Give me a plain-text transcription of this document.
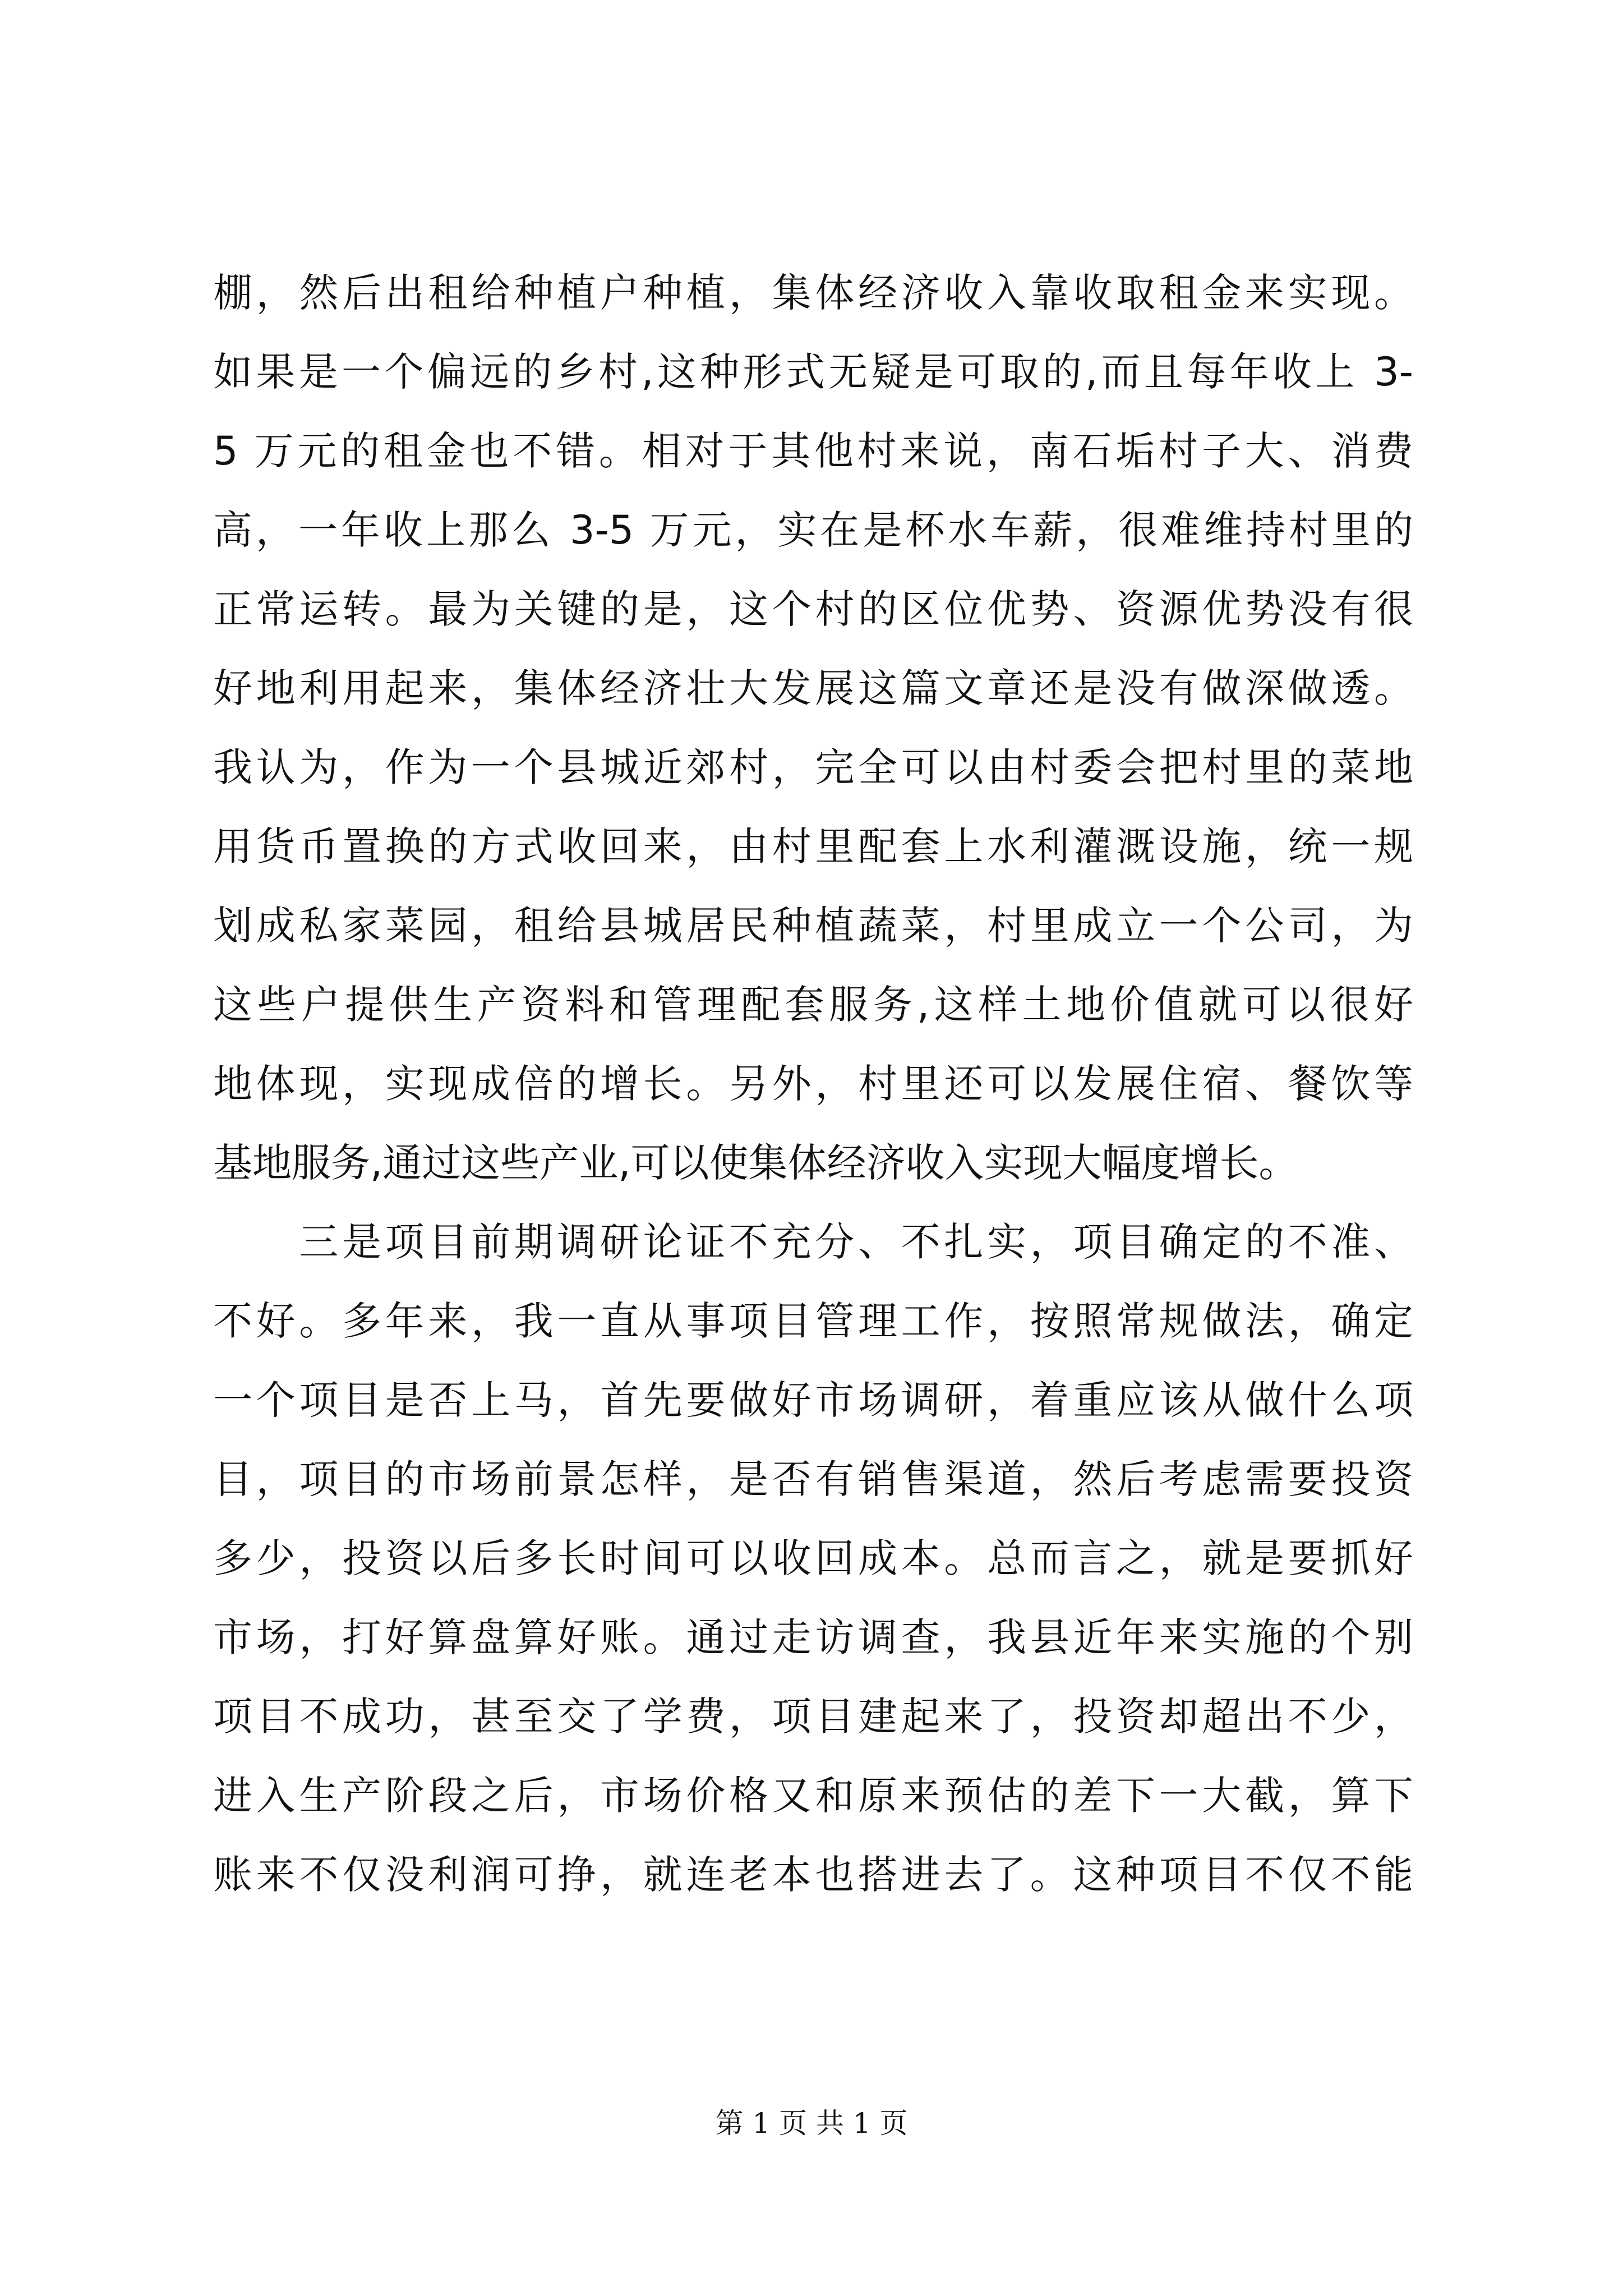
棚，然后出租给种植户种植，集体经济收入靠收取租金来实现。
如果是一个偏远的乡村,这种形式无疑是可取的,而且每年收上 3-
5 万元的租金也不错。相对于其他村来说，南石垢村子大、消费
高，一年收上那么 3-5 万元，实在是杯水车薪，很难维持村里的
正常运转。最为关键的是，这个村的区位优势、资源优势没有很
好地利用起来，集体经济壮大发展这篇文章还是没有做深做透。
我认为，作为一个县城近郊村，完全可以由村委会把村里的菜地
用货币置换的方式收回来，由村里配套上水利灌溉设施，统一规
划成私家菜园，租给县城居民种植蔬菜，村里成立一个公司，为
这些户提供生产资料和管理配套服务,这样土地价值就可以很好
地体现，实现成倍的增长。另外，村里还可以发展住宿、餐饮等
基地服务,通过这些产业,可以使集体经济收入实现大幅度增长。
　　三是项目前期调研论证不充分、不扎实，项目确定的不准、
不好。多年来，我一直从事项目管理工作，按照常规做法，确定
一个项目是否上马，首先要做好市场调研，着重应该从做什么项
目，项目的市场前景怎样，是否有销售渠道，然后考虑需要投资
多少，投资以后多长时间可以收回成本。总而言之，就是要抓好
市场，打好算盘算好账。通过走访调查，我县近年来实施的个别
项目不成功，甚至交了学费，项目建起来了，投资却超出不少，
进入生产阶段之后，市场价格又和原来预估的差下一大截，算下
账来不仅没利润可挣，就连老本也搭进去了。这种项目不仅不能
第 1 页 共 1 页
